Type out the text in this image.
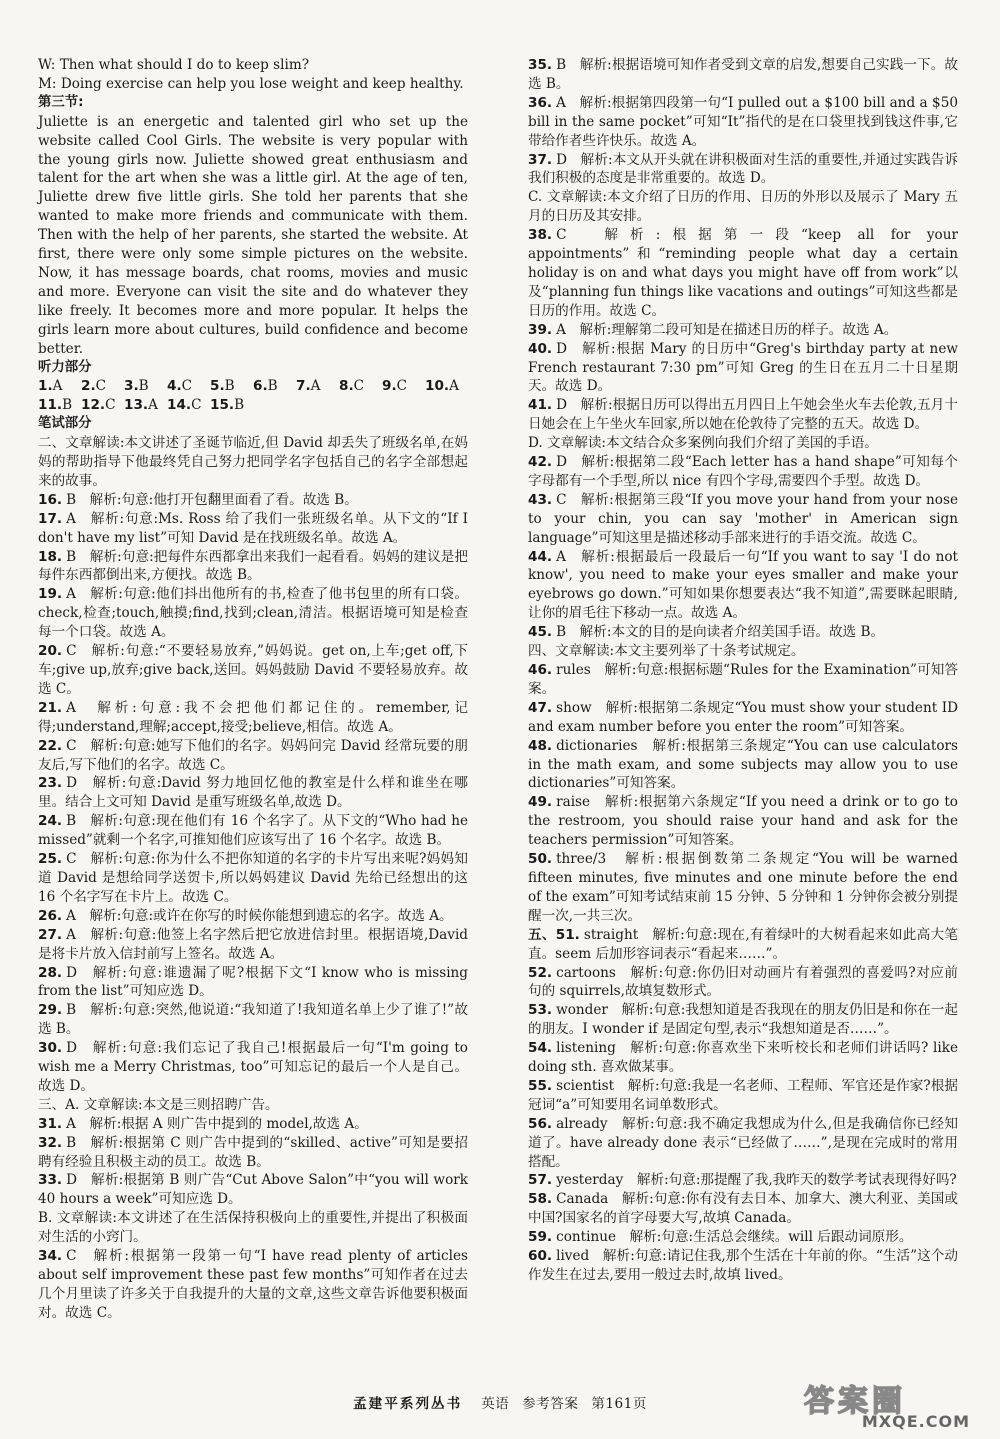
W: Then what should I do to keep slim?

M: Doing exercise can help you lose weight and keep healthy.

第三节:

Juliette is an energetic and talented girl who set up the website called Cool Girls. The website is very popular with the young girls now. Juliette showed great enthusiasm and talent for the art when she was a little girl. At the age of ten, Juliette drew five little girls. She told her parents that she wanted to make more friends and communicate with them. Then with the help of her parents, she started the website. At first, there were only some simple pictures on the website. Now, it has message boards, chat rooms, movies and music and more. Everyone can visit the site and do whatever they like freely. It becomes more and more popular. It helps the girls learn more about cultures, build confidence and become better.

听力部分

1.A	2.C	3.B	4.C	5.B	6.B	7.A	8.C	9.C	10.A
11.B 12.C 13.A 14.C 15.B

笔试部分

二、文章解读:本文讲述了圣诞节临近,但 David 却丢失了班级名单,在妈妈的帮助指导下他最终凭自己努力把同学名字包括自己的名字全部想起来的故事。

16. B　解析:句意:他打开包翻里面看了看。故选 B。

17. A　解析:句意:Ms. Ross 给了我们一张班级名单。从下文的“If I don't have my list”可知 David 是在找班级名单。故选 A。

18. B　解析:句意:把每件东西都拿出来我们一起看看。妈妈的建议是把每件东西都倒出来,方便找。故选 B。

19. A　解析:句意:他们抖出他所有的书,检查了他书包里的所有口袋。check,检查;touch,触摸;find,找到;clean,清洁。根据语境可知是检查每一个口袋。故选 A。

20. C　解析:句意:“不要轻易放弃,”妈妈说。get on,上车;get off,下车;give up,放弃;give back,送回。妈妈鼓励 David 不要轻易放弃。故选 C。

21. A　解析:句意:我不会把他们都记住的。remember,记得;understand,理解;accept,接受;believe,相信。故选 A。

22. C　解析:句意:她写下他们的名字。妈妈问完 David 经常玩要的朋友后,写下他们的名字。故选 C。

23. D　解析:句意:David 努力地回忆他的教室是什么样和谁坐在哪里。结合上文可知 David 是重写班级名单,故选 D。

24. B　解析:句意:现在他们有 16 个名字了。从下文的“Who had he missed”就剩一个名字,可推知他们应该写出了 16 个名字。故选 B。

25. C　解析:句意:你为什么不把你知道的名字的卡片写出来呢?妈妈知道 David 是想给同学送贺卡,所以妈妈建议 David 先给已经想出的这 16 个名字写在卡片上。故选 C。

26. A　解析:句意:或许在你写的时候你能想到遗忘的名字。故选 A。

27. A　解析:句意:他签上名字然后把它放进信封里。根据语境,David 是将卡片放入信封前写上签名。故选 A。

28. D　解析:句意:谁遗漏了呢?根据下文“I know who is missing from the list”可知应选 D。

29. B　解析:句意:突然,他说道:“我知道了!我知道名单上少了谁了!”故选 B。

30. D　解析:句意:我们忘记了我自己!根据最后一句“I'm going to wish me a Merry Christmas, too”可知忘记的最后一个人是自己。故选 D。

三、A. 文章解读:本文是三则招聘广告。

31. A　解析:根据 A 则广告中提到的 model,故选 A。

32. B　解析:根据第 C 则广告中提到的“skilled、active”可知是要招聘有经验且积极主动的员工。故选 B。

33. D　解析:根据第 B 则广告“Cut Above Salon”中“you will work 40 hours a week”可知应选 D。

B. 文章解读:本文讲述了在生活保持积极向上的重要性,并提出了积极面对生活的小窍门。

34. C　解析:根据第一段第一句“I have read plenty of articles about self improvement these past few months”可知作者在过去几个月里读了许多关于自我提升的大量的文章,这些文章告诉他要积极面对。故选 C。

35. B　解析:根据语境可知作者受到文章的启发,想要自己实践一下。故选 B。

36. A　解析:根据第四段第一句“I pulled out a $100 bill and a $50 bill in the same pocket”可知“It”指代的是在口袋里找到钱这件事,它带给作者些许快乐。故选 A。

37. D　解析:本文从开头就在讲积极面对生活的重要性,并通过实践告诉我们积极的态度是非常重要的。故选 D。

C. 文章解读:本文介绍了日历的作用、日历的外形以及展示了 Mary 五月的日历及其安排。

38. C　解析:根据第一段“keep all for your appointments”和“reminding people what day a certain holiday is on and what days you might have off from work”以及“planning fun things like vacations and outings”可知这些都是日历的作用。故选 C。

39. A　解析:理解第二段可知是在描述日历的样子。故选 A。

40. D　解析:根据 Mary 的日历中“Greg's birthday party at new French restaurant 7:30 pm”可知 Greg 的生日在五月二十日星期天。故选 D。

41. D　解析:根据日历可以得出五月四日上午她会坐火车去伦敦,五月十日她会在上午坐火车回家,所以她在伦敦待了完整的五天。故选 D。

D. 文章解读:本文结合众多案例向我们介绍了美国的手语。

42. D　解析:根据第二段“Each letter has a hand shape”可知每个字母都有一个手型,所以 nice 有四个字母,需要四个手型。故选 D。

43. C　解析:根据第三段“If you move your hand from your nose to your chin, you can say 'mother' in American sign language”可知这里是描述移动手部来进行的手语交流。故选 C。

44. A　解析:根据最后一段最后一句“If you want to say 'I do not know', you need to make your eyes smaller and make your eyebrows go down.”可知如果你想要表达“我不知道”,需要眯起眼睛,让你的眉毛往下移动一点。故选 A。

45. B　解析:本文的目的是向读者介绍美国手语。故选 B。

四、文章解读:本文主要列举了十条考试规定。

46. rules　解析:句意:根据标题“Rules for the Examination”可知答案。

47. show　解析:根据第二条规定“You must show your student ID and exam number before you enter the room”可知答案。

48. dictionaries　解析:根据第三条规定“You can use calculators in the math exam, and some subjects may allow you to use dictionaries”可知答案。

49. raise　解析:根据第六条规定“If you need a drink or to go to the restroom, you should raise your hand and ask for the teachers permission”可知答案。

50. three/3　解析:根据倒数第二条规定“You will be warned fifteen minutes, five minutes and one minute before the end of the exam”可知考试结束前 15 分钟、5 分钟和 1 分钟你会被分别提醒一次,一共三次。

五、51. straight　解析:句意:现在,有着绿叶的大树看起来如此高大笔直。seem 后加形容词表示“看起来……”。

52. cartoons　解析:句意:你仍旧对动画片有着强烈的喜爱吗?对应前句的 squirrels,故填复数形式。

53. wonder　解析:句意:我想知道是否我现在的朋友仍旧是和你在一起的朋友。I wonder if 是固定句型,表示“我想知道是否……”。

54. listening　解析:句意:你喜欢坐下来听校长和老师们讲话吗? like doing sth. 喜欢做某事。

55. scientist　解析:句意:我是一名老师、工程师、军官还是作家?根据冠词“a”可知要用名词单数形式。

56. already　解析:句意:我不确定我想成为什么,但是我确信你已经知道了。have already done 表示“已经做了……”,是现在完成时的常用搭配。

57. yesterday　解析:句意:那提醒了我,我昨天的数学考试表现得好吗?

58. Canada　解析:句意:你有没有去日本、加拿大、澳大利亚、美国或中国?国家名的首字母要大写,故填 Canada。

59. continue　解析:句意:生活总会继续。will 后跟动词原形。

60. lived　解析:句意:请记住我,那个生活在十年前的你。“生活”这个动作发生在过去,要用一般过去时,故填 lived。

孟建平系列丛书 英语 参考答案 第161页	答案圈
MXQE.COM
